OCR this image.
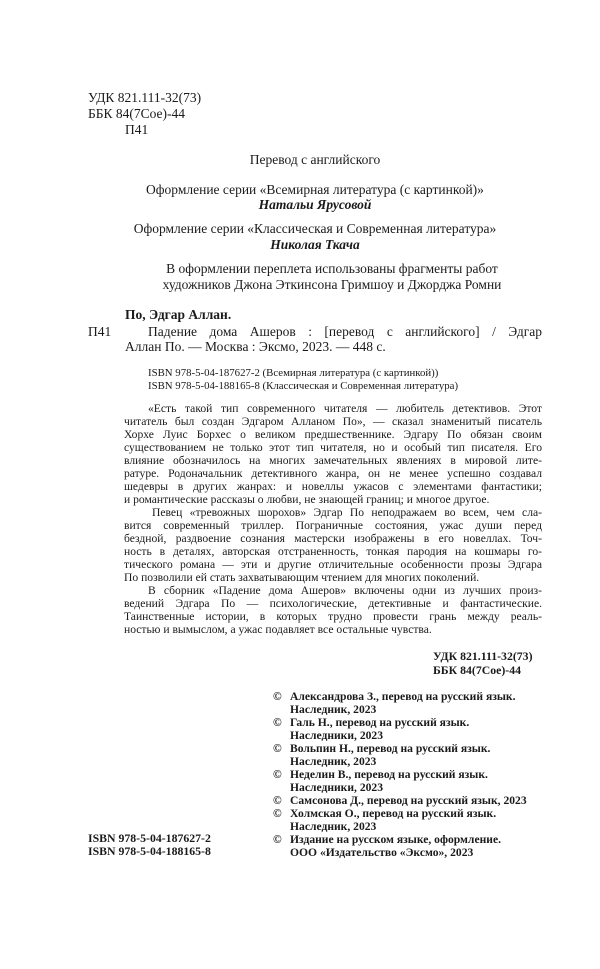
УДК 821.111-32(73)
ББК 84(7Сое)-44
П41
Перевод с английского
Оформление серии «Всемирная литература (с картинкой)»
Натальи Ярусовой
Оформление серии «Классическая и Современная литература»
Николая Ткача
В оформлении переплета использованы фрагменты работ
художников Джона Эткинсона Гримшоу и Джорджа Ромни
По, Эдгар Аллан.
П41	Падение дома Ашеров : [перевод с английского] / Эдгар
Аллан По. — Москва : Эксмо, 2023. — 448 с.
ISBN 978-5-04-187627-2 (Всемирная литература (с картинкой))
ISBN 978-5-04-188165-8 (Классическая и Современная литература)
«Есть такой тип современного читателя — любитель детективов. Этот
читатель был создан Эдгаром Алланом По», — сказал знаменитый писатель
Хорхе Луис Борхес о великом предшественнике. Эдгару По обязан своим
существованием не только этот тип читателя, но и особый тип писателя. Его
влияние обозначилось на многих замечательных явлениях в мировой лите-
ратуре. Родоначальник детективного жанра, он не менее успешно создавал
шедевры в других жанрах: и новеллы ужасов с элементами фантастики;
и романтические рассказы о любви, не знающей границ; и многое другое.
Певец «тревожных шорохов» Эдгар По неподражаем во всем, чем сла-
вится современный триллер. Пограничные состояния, ужас души перед
бездной, раздвоение сознания мастерски изображены в его новеллах. Точ-
ность в деталях, авторская отстраненность, тонкая пародия на кошмары го-
тического романа — эти и другие отличительные особенности прозы Эдгара
По позволили ей стать захватывающим чтением для многих поколений.
В сборник «Падение дома Ашеров» включены одни из лучших произ-
ведений Эдгара По — психологические, детективные и фантастические.
Таинственные истории, в которых трудно провести грань между реаль-
ностью и вымыслом, а ужас подавляет все остальные чувства.
УДК 821.111-32(73)
ББК 84(7Сое)-44
© Александрова З., перевод на русский язык.
Наследник, 2023
© Галь Н., перевод на русский язык.
Наследники, 2023
© Вольпин Н., перевод на русский язык.
Наследник, 2023
© Неделин В., перевод на русский язык.
Наследники, 2023
© Самсонова Д., перевод на русский язык, 2023
© Холмская О., перевод на русский язык.
Наследник, 2023
© Издание на русском языке, оформление.
ООО «Издательство «Эксмо», 2023
ISBN 978-5-04-187627-2
ISBN 978-5-04-188165-8
